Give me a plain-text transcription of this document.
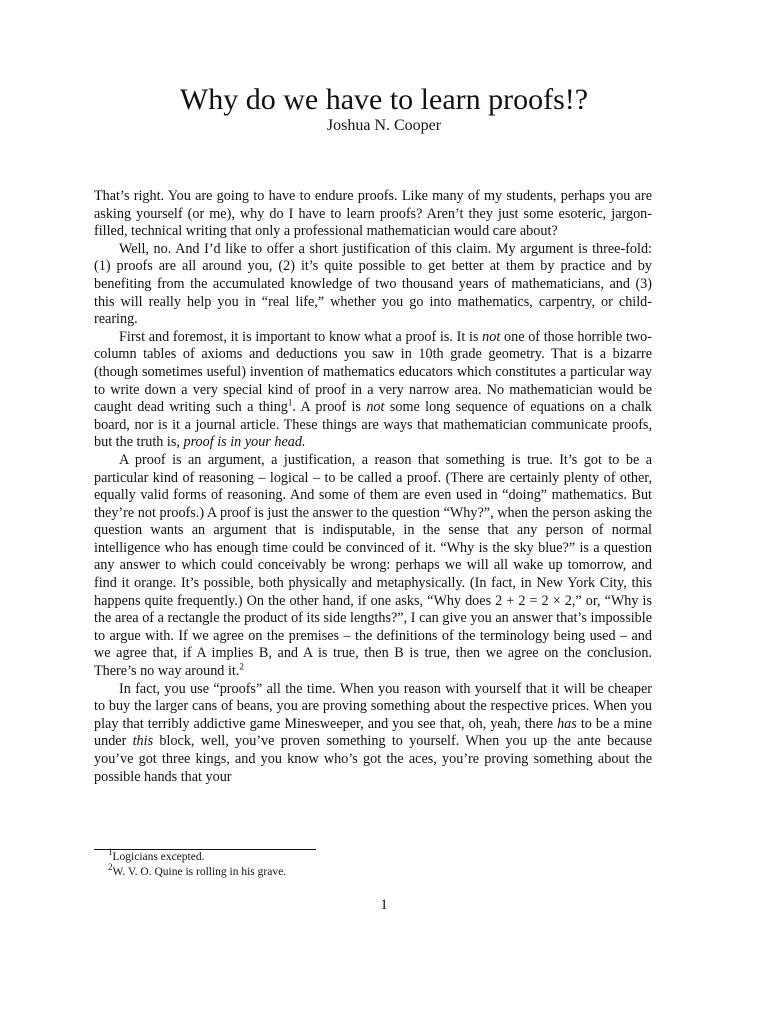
Why do we have to learn proofs!?
Joshua N. Cooper

That’s right. You are going to have to endure proofs. Like many of my students, perhaps you are asking yourself (or me), why do I have to learn proofs? Aren’t they just some esoteric, jargon-filled, technical writing that only a professional mathematician would care about?

Well, no. And I’d like to offer a short justification of this claim. My argument is three-fold: (1) proofs are all around you, (2) it’s quite possible to get better at them by practice and by benefiting from the accumulated knowledge of two thousand years of mathematicians, and (3) this will really help you in “real life,” whether you go into mathematics, carpentry, or child-rearing.

First and foremost, it is important to know what a proof is. It is not one of those horrible two-column tables of axioms and deductions you saw in 10th grade geometry. That is a bizarre (though sometimes useful) invention of mathematics educators which constitutes a particular way to write down a very special kind of proof in a very narrow area. No mathematician would be caught dead writing such a thing$^1$. A proof is not some long sequence of equations on a chalk board, nor is it a journal article. These things are ways that mathematician communicate proofs, but the truth is, proof is in your head.

A proof is an argument, a justification, a reason that something is true. It’s got to be a particular kind of reasoning – logical – to be called a proof. (There are certainly plenty of other, equally valid forms of reasoning. And some of them are even used in “doing” mathematics. But they’re not proofs.) A proof is just the answer to the question “Why?”, when the person asking the question wants an argument that is indisputable, in the sense that any person of normal intelligence who has enough time could be convinced of it. “Why is the sky blue?” is a question any answer to which could conceivably be wrong: perhaps we will all wake up tomorrow, and find it orange. It’s possible, both physically and metaphysically. (In fact, in New York City, this happens quite frequently.) On the other hand, if one asks, “Why does 2 + 2 = 2 × 2,” or, “Why is the area of a rectangle the product of its side lengths?”, I can give you an answer that’s impossible to argue with. If we agree on the premises – the definitions of the terminology being used – and we agree that, if A implies B, and A is true, then B is true, then we agree on the conclusion. There’s no way around it.$^2$

In fact, you use “proofs” all the time. When you reason with yourself that it will be cheaper to buy the larger cans of beans, you are proving something about the respective prices. When you play that terribly addictive game Minesweeper, and you see that, oh, yeah, there has to be a mine under this block, well, you’ve proven something to yourself. When you up the ante because you’ve got three kings, and you know who’s got the aces, you’re proving something about the possible hands that your

$^1$Logicians excepted.
$^2$W. V. O. Quine is rolling in his grave.
1
